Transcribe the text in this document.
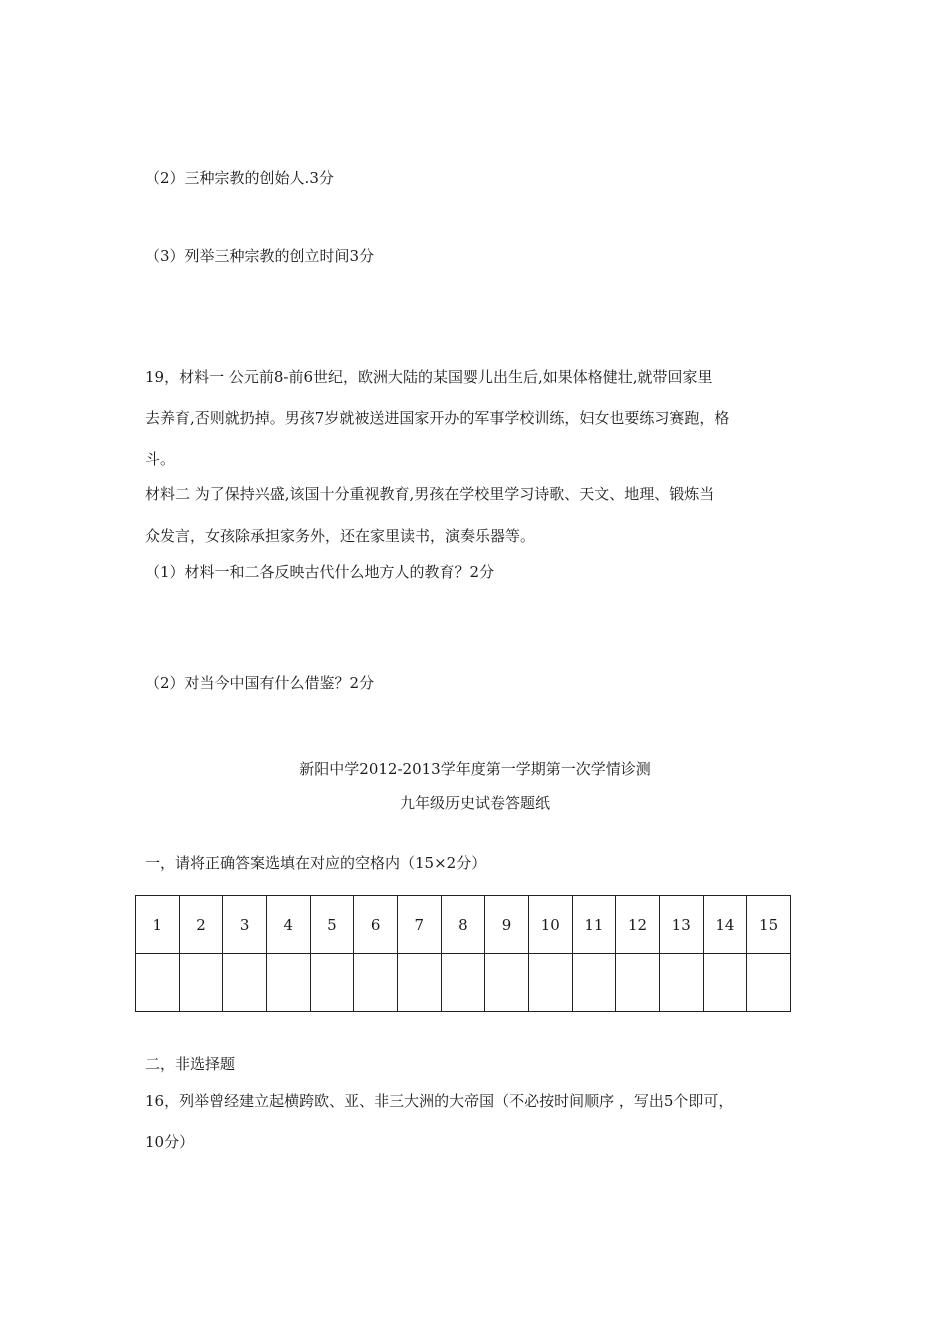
（2）三种宗教的创始人.3分
（3）列举三种宗教的创立时间3分
19，材料一 公元前8-前6世纪，欧洲大陆的某国婴儿出生后,如果体格健壮,就带回家里
去养育,否则就扔掉。男孩7岁就被送进国家开办的军事学校训练，妇女也要练习赛跑，格
斗。
材料二 为了保持兴盛,该国十分重视教育,男孩在学校里学习诗歌、天文、地理、锻炼当
众发言，女孩除承担家务外，还在家里读书，演奏乐器等。
（1）材料一和二各反映古代什么地方人的教育？2分
（2）对当今中国有什么借鉴？2分
新阳中学2012-2013学年度第一学期第一次学情诊测
九年级历史试卷答题纸
一，请将正确答案选填在对应的空格内（15×2分）
1	2	3	4	5	6	7	8	9	10	11	12	13	14	15

二，非选择题
16，列举曾经建立起横跨欧、亚、非三大洲的大帝国（不必按时间顺序 ，写出5个即可，
10分）
